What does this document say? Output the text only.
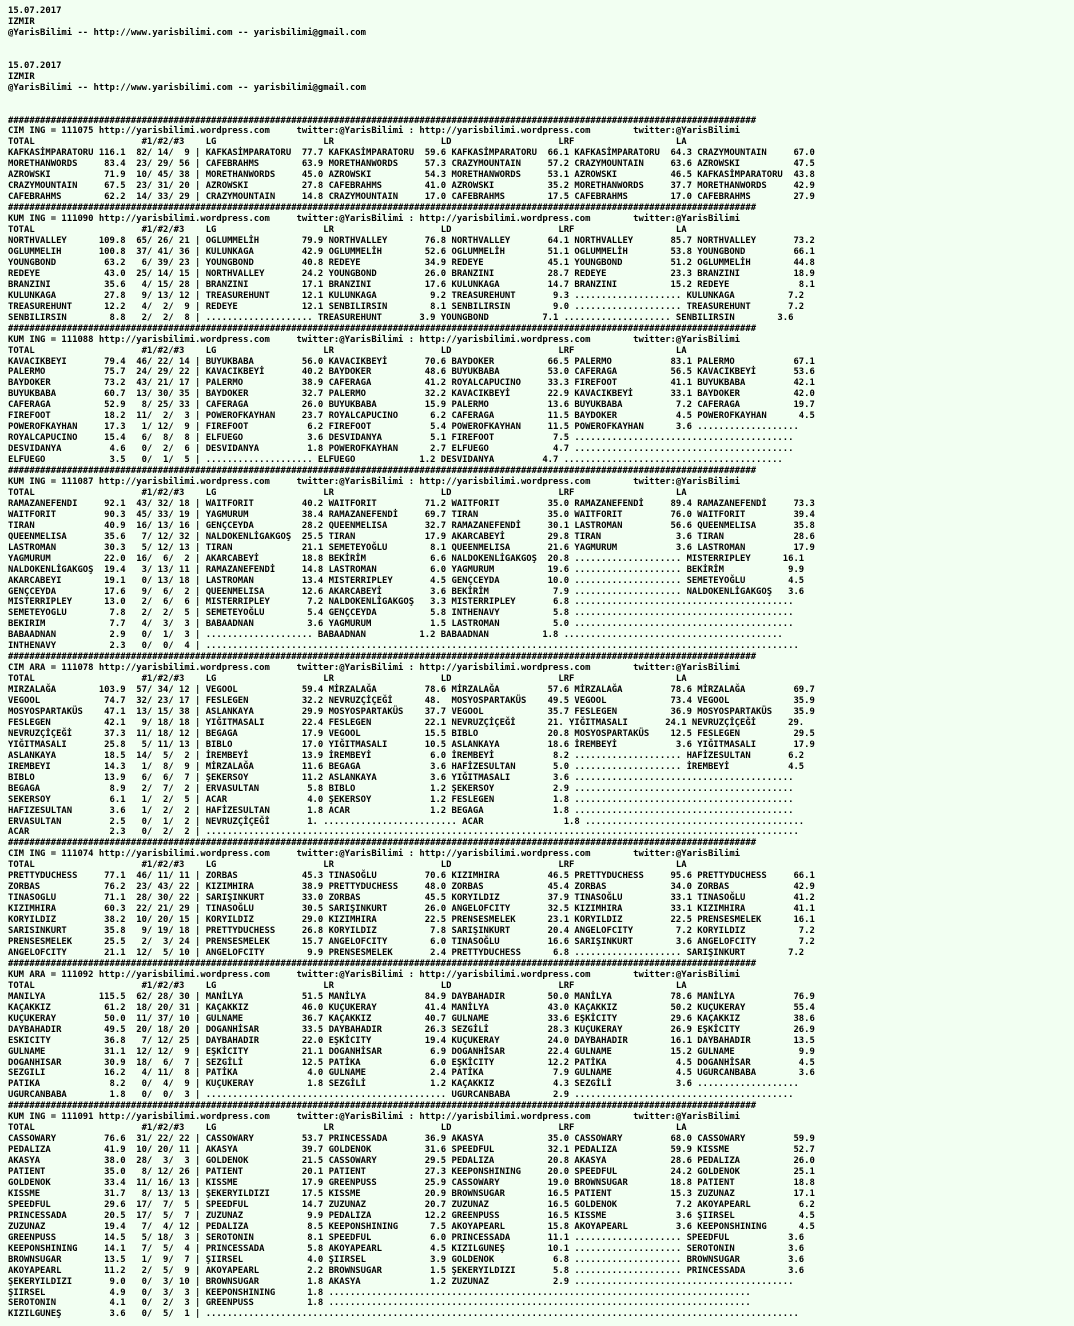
15.07.2017
IZMIR
@YarisBilimi -- http://www.yarisbilimi.com -- yarisbilimi@gmail.com

15.07.2017
IZMIR
@YarisBilimi -- http://www.yarisbilimi.com -- yarisbilimi@gmail.com

############################################################################################################################################
CIM ING = 111075 http://yarisbilimi.wordpress.com     twitter:@YarisBilimi : http://yarisbilimi.wordpress.com        twitter:@YarisBilimi
TOTAL                    #1/#2/#3    LG                    LR                    LD                    LRF                   LA
KAFKASİMPARATORU 116.1  82/ 14/  9 | KAFKASİMPARATORU  77.7 KAFKASİMPARATORU  59.6 KAFKASİMPARATORU  66.1 KAFKASİMPARATORU  64.3 CRAZYMOUNTAIN     67.0
MORETHANWORDS     83.4  23/ 29/ 56 | CAFEBRAHMS        63.9 MORETHANWORDS     57.3 CRAZYMOUNTAIN     57.2 CRAZYMOUNTAIN     63.6 AZROWSKI          47.5
AZROWSKI          71.9  10/ 45/ 38 | MORETHANWORDS     45.0 AZROWSKI          54.3 MORETHANWORDS     53.1 AZROWSKI          46.5 KAFKASİMPARATORU  43.8
CRAZYMOUNTAIN     67.5  23/ 31/ 20 | AZROWSKI          27.8 CAFEBRAHMS        41.0 AZROWSKI          35.2 MORETHANWORDS     37.7 MORETHANWORDS     42.9
CAFEBRAHMS        62.2  14/ 33/ 29 | CRAZYMOUNTAIN     14.8 CRAZYMOUNTAIN     17.0 CAFEBRAHMS        17.5 CAFEBRAHMS        17.0 CAFEBRAHMS        27.9
############################################################################################################################################
KUM ING = 111090 http://yarisbilimi.wordpress.com     twitter:@YarisBilimi : http://yarisbilimi.wordpress.com        twitter:@YarisBilimi
TOTAL                    #1/#2/#3    LG                    LR                    LD                    LRF                   LA
NORTHVALLEY      109.8  65/ 26/ 21 | OGLUMMELİH        79.9 NORTHVALLEY       76.8 NORTHVALLEY       64.1 NORTHVALLEY       85.7 NORTHVALLEY       73.2
OGLUMMELIH       100.8  37/ 41/ 36 | KULUNKAGA         42.9 OGLUMMELİH        52.6 OGLUMMELİH        51.1 OGLUMMELİH        53.8 YOUNGBOND         66.1
YOUNGBOND         63.2   6/ 39/ 23 | YOUNGBOND         40.8 REDEYE            34.9 REDEYE            45.1 YOUNGBOND         51.2 OGLUMMELİH        44.8
REDEYE            43.0  25/ 14/ 15 | NORTHVALLEY       24.2 YOUNGBOND         26.0 BRANZINI          28.7 REDEYE            23.3 BRANZINI          18.9
BRANZINI          35.6   4/ 15/ 28 | BRANZINI          17.1 BRANZINI          17.6 KULUNKAGA         14.7 BRANZINI          15.2 REDEYE             8.1
KULUNKAGA         27.8   9/ 13/ 12 | TREASUREHUNT      12.1 KULUNKAGA          9.2 TREASUREHUNT       9.3 .................... KULUNKAGA          7.2
TREASUREHUNT      12.2   4/  2/  9 | REDEYE            12.1 SENBILIRSIN        8.1 SENBILIRSIN        9.0 .................... TREASUREHUNT       7.2
SENBILIRSIN        8.8   2/  2/  8 | .................... TREASUREHUNT       3.9 YOUNGBOND          7.1 .................... SENBILIRSIN        3.6
############################################################################################################################################
KUM ING = 111088 http://yarisbilimi.wordpress.com     twitter:@YarisBilimi : http://yarisbilimi.wordpress.com        twitter:@YarisBilimi
TOTAL                    #1/#2/#3    LG                    LR                    LD                    LRF                   LA
KAVACIKBEYI       79.4  46/ 22/ 14 | BUYUKBABA         56.0 KAVACIKBEYİ       70.6 BAYDOKER          66.5 PALERMO           83.1 PALERMO           67.1
PALERMO           75.7  24/ 29/ 22 | KAVACIKBEYİ       40.2 BAYDOKER          48.6 BUYUKBABA         53.0 CAFERAGA          56.5 KAVACIKBEYİ       53.6
BAYDOKER          73.2  43/ 21/ 17 | PALERMO           38.9 CAFERAGA          41.2 ROYALCAPUCINO     33.3 FIREFOOT          41.1 BUYUKBABA         42.1
BUYUKBABA         60.7  13/ 30/ 35 | BAYDOKER          32.7 PALERMO           32.2 KAVACIKBEYİ       22.9 KAVACIKBEYİ       33.1 BAYDOKER          42.0
CAFERAGA          52.9   8/ 25/ 33 | CAFERAGA          26.0 BUYUKBABA         15.9 PALERMO           13.6 BUYUKBABA          7.2 CAFERAGA          19.7
FIREFOOT          18.2  11/  2/  3 | POWEROFKAYHAN     23.7 ROYALCAPUCINO      6.2 CAFERAGA          11.5 BAYDOKER           4.5 POWEROFKAYHAN      4.5
POWEROFKAYHAN     17.3   1/ 12/  9 | FIREFOOT           6.2 FIREFOOT           5.4 POWEROFKAYHAN     11.5 POWEROFKAYHAN      3.6 ...................
ROYALCAPUCINO     15.4   6/  8/  8 | ELFUEGO            3.6 DESVIDANYA         5.1 FIREFOOT           7.5 .........................................
DESVIDANYA         4.6   0/  2/  6 | DESVIDANYA         1.8 POWEROFKAYHAN      2.7 ELFUEGO            4.7 .........................................
ELFUEGO            3.5   0/  1/  5 | .................... ELFUEGO            1.2 DESVIDANYA         4.7 .........................................
############################################################################################################################################
KUM ING = 111087 http://yarisbilimi.wordpress.com     twitter:@YarisBilimi : http://yarisbilimi.wordpress.com        twitter:@YarisBilimi
TOTAL                    #1/#2/#3    LG                    LR                    LD                    LRF                   LA
RAMAZANEFENDI     92.1  43/ 32/ 18 | WAITFORIT         40.2 WAITFORIT         71.2 WAITFORIT         35.0 RAMAZANEFENDİ     89.4 RAMAZANEFENDİ     73.3
WAITFORIT         90.3  45/ 33/ 19 | YAGMURUM          38.4 RAMAZANEFENDİ     69.7 TIRAN             35.0 WAITFORIT         76.0 WAITFORIT         39.4
TIRAN             40.9  16/ 13/ 16 | GENÇCEYDA         28.2 QUEENMELISA       32.7 RAMAZANEFENDİ     30.1 LASTROMAN         56.6 QUEENMELISA       35.8
QUEENMELISA       35.6   7/ 12/ 32 | NALDOKENLİGAKGOŞ  25.5 TIRAN             17.9 AKARCABEYİ        29.8 TIRAN              3.6 TIRAN             28.6
LASTROMAN         30.3   5/ 12/ 13 | TIRAN             21.1 SEMETEYOĞLU        8.1 QUEENMELISA       21.6 YAGMURUM           3.6 LASTROMAN         17.9
YAGMURUM          22.0  16/  6/  2 | AKARCABEYİ        18.8 BEKİRİM            6.6 NALDOKENLİGAKGOŞ  20.8 .................... MISTERRIPLEY      16.1
NALDOKENLİGAKGOŞ  19.4   3/ 13/ 11 | RAMAZANEFENDİ     14.8 LASTROMAN          6.0 YAGMURUM          19.6 .................... BEKİRİM            9.9
AKARCABEYI        19.1   0/ 13/ 18 | LASTROMAN         13.4 MISTERRIPLEY       4.5 GENÇCEYDA         10.0 .................... SEMETEYOĞLU        4.5
GENÇCEYDA         17.6   9/  6/  2 | QUEENMELISA       12.6 AKARCABEYİ         3.6 BEKİRİM            7.9 .................... NALDOKENLİGAKGOŞ   3.6
MISTERRIPLEY      13.0   2/  6/  6 | MISTERRIPLEY       7.2 NALDOKENLİGAKGOŞ   3.3 MISTERRIPLEY       6.8 .........................................
SEMETEYOGLU        7.8   2/  2/  5 | SEMETEYOĞLU        5.4 GENÇCEYDA          5.8 INTHENAVY          5.8 .........................................
BEKIRIM            7.7   4/  3/  3 | BABAADNAN          3.6 YAGMURUM           1.5 LASTROMAN          5.0 .........................................
BABAADNAN          2.9   0/  1/  3 | .................... BABAADNAN          1.2 BABAADNAN          1.8 .........................................
INTHENAVY          2.3   0/  0/  4 | ...............................................................................................................
############################################################################################################################################
CIM ARA = 111078 http://yarisbilimi.wordpress.com     twitter:@YarisBilimi : http://yarisbilimi.wordpress.com        twitter:@YarisBilimi
TOTAL                    #1/#2/#3    LG                    LR                    LD                    LRF                   LA
MIRZALAĞA        103.9  57/ 34/ 12 | VEGOOL            59.4 MİRZALAĞA         78.6 MİRZALAĞA         57.6 MİRZALAĞA         78.6 MİRZALAĞA         69.7
VEGOOL            74.7  32/ 23/ 17 | FESLEGEN          32.2 NEVRUZÇİÇEĞİ      48.  MOSYOSPARTAKÜS    49.5 VEGOOL            73.4 VEGOOL            35.9
MOSYOSPARTAKÜS    47.1  13/ 15/ 38 | ASLANKAYA         29.9 MOSYOSPARTAKÜS    37.7 VEGOOL            35.7 FESLEGEN          36.9 MOSYOSPARTAKÜS    35.9
FESLEGEN          42.1   9/ 18/ 18 | YIĞITMASALI       22.4 FESLEGEN          22.1 NEVRUZÇİÇEĞİ      21. YIĞITMASALI       24.1 NEVRUZÇİÇEĞİ      29.
NEVRUZÇİÇEĞİ      37.3  11/ 18/ 12 | BEGAGA            17.9 VEGOOL            15.5 BIBLO             20.8 MOSYOSPARTAKÜS    12.5 FESLEGEN          29.5
YIĞITMASALI       25.8   5/ 11/ 13 | BIBLO             17.0 YIĞITMASALI       10.5 ASLANKAYA         18.6 İREMBEYİ           3.6 YIĞITMASALI       17.9
ASLANKAYA         18.5  14/  5/  2 | İREMBEYİ          13.9 İREMBEYİ           6.0 İREMBEYİ           8.2 .................... HAFİZESULTAN       6.2
IREMBEYI          14.3   1/  8/  9 | MİRZALAĞA         11.6 BEGAGA             3.6 HAFİZESULTAN       5.0 .................... İREMBEYİ           4.5
BIBLO             13.9   6/  6/  7 | ŞEKERSOY          11.2 ASLANKAYA          3.6 YIĞITMASALI        3.6 .........................................
BEGAGA             8.9   2/  7/  2 | ERVASULTAN         5.8 BIBLO              1.2 ŞEKERSOY           2.9 .........................................
SEKERSOY           6.1   1/  2/  5 | ACAR               4.0 ŞEKERSOY           1.2 FESLEGEN           1.8 .........................................
HAFIZESULTAN       3.6   1/  2/  2 | HAFİZESULTAN       1.8 ACAR               1.2 BEGAGA             1.8 .........................................
ERVASULTAN         2.5   0/  1/  2 | NEVRUZÇİÇEĞİ       1. ......................... ACAR               1.8 .........................................
ACAR               2.3   0/  2/  2 | ...............................................................................................................
############################################################################################################################################
CIM ING = 111074 http://yarisbilimi.wordpress.com     twitter:@YarisBilimi : http://yarisbilimi.wordpress.com        twitter:@YarisBilimi
TOTAL                    #1/#2/#3    LG                    LR                    LD                    LRF                   LA
PRETTYDUCHESS     77.1  46/ 11/ 11 | ZORBAS            45.3 TINASOĞLU         70.6 KIZIMHIRA         46.5 PRETTYDUCHESS     95.6 PRETTYDUCHESS     66.1
ZORBAS            76.2  23/ 43/ 22 | KIZIMHIRA         38.9 PRETTYDUCHESS     48.0 ZORBAS            45.4 ZORBAS            34.0 ZORBAS            42.9
TINASOGLU         71.1  28/ 30/ 22 | SARIŞINKURT       33.0 ZORBAS            45.5 KORYILDIZ         37.9 TINASOĞLU         33.1 TINASOĞLU         41.2
KIZIMHIRA         60.3  22/ 21/ 29 | TINASOĞLU         30.5 SARIŞINKURT       26.0 ANGELOFCITY       32.5 KIZIMHIRA         33.1 KIZIMHIRA         41.1
KORYILDIZ         38.2  10/ 20/ 15 | KORYILDIZ         29.0 KIZIMHIRA         22.5 PRENSESMELEK      23.1 KORYILDIZ         22.5 PRENSESMELEK      16.1
SARISINKURT       35.8   9/ 19/ 18 | PRETTYDUCHESS     26.8 KORYILDIZ          7.8 SARIŞINKURT       20.4 ANGELOFCITY        7.2 KORYILDIZ          7.2
PRENSESMELEK      25.5   2/  3/ 24 | PRENSESMELEK      15.7 ANGELOFCITY        6.0 TINASOĞLU         16.6 SARIŞINKURT        3.6 ANGELOFCITY        7.2
ANGELOFCITY       21.1  12/  5/ 10 | ANGELOFCITY        9.9 PRENSESMELEK       2.4 PRETTYDUCHESS      6.8 .................... SARIŞINKURT        7.2
############################################################################################################################################
KUM ARA = 111092 http://yarisbilimi.wordpress.com     twitter:@YarisBilimi : http://yarisbilimi.wordpress.com        twitter:@YarisBilimi
TOTAL                    #1/#2/#3    LG                    LR                    LD                    LRF                   LA
MANILYA          115.5  62/ 28/ 30 | MANİLYA           51.5 MANİLYA           84.9 DAYBAHADIR        50.0 MANİLYA           78.6 MANİLYA           76.9
KAÇAKKIZ          61.2  18/ 20/ 31 | KAÇAKKIZ          46.0 KUÇUKERAY         41.4 MANİLYA           43.0 KAÇAKKIZ          50.2 KUÇUKERAY         55.4
KUÇUKERAY         50.0  11/ 37/ 10 | GULNAME           36.7 KAÇAKKIZ          40.7 GULNAME           33.6 EŞKİCITY          29.6 KAÇAKKIZ          38.6
DAYBAHADIR        49.5  20/ 18/ 20 | DOGANHİSAR        33.5 DAYBAHADIR        26.3 SEZGİLİ           28.3 KUÇUKERAY         26.9 EŞKİCITY          26.9
ESKICITY          36.8   7/ 12/ 25 | DAYBAHADIR        22.0 EŞKİCITY          19.4 KUÇUKERAY         24.0 DAYBAHADIR        16.1 DAYBAHADIR        13.5
GULNAME           31.1  12/ 12/  9 | EŞKİCITY          21.1 DOGANHİSAR         6.9 DOGANHİSAR        22.4 GULNAME           15.2 GULNAME            9.9
DOGANHISAR        30.9  18/  6/  7 | SEZGİLİ           12.5 PATİKA             6.0 EŞKİCITY          12.2 PATİKA             4.5 DOGANHİSAR         4.5
SEZGILI           16.2   4/ 11/  8 | PATİKA             4.0 GULNAME            2.4 PATİKA             7.9 GULNAME            4.5 UGURCANBABA        3.6
PATIKA             8.2   0/  4/  9 | KUÇUKERAY          1.8 SEZGİLİ            1.2 KAÇAKKIZ           4.3 SEZGİLİ            3.6 ...................
UGURCANBABA        1.8   0/  0/  3 | ............................................. UGURCANBABA        2.9 .........................................
############################################################################################################################################
KUM ING = 111091 http://yarisbilimi.wordpress.com     twitter:@YarisBilimi : http://yarisbilimi.wordpress.com        twitter:@YarisBilimi
TOTAL                    #1/#2/#3    LG                    LR                    LD                    LRF                   LA
CASSOWARY         76.6  31/ 22/ 22 | CASSOWARY         53.7 PRINCESSADA       36.9 AKASYA            35.0 CASSOWARY         68.0 CASSOWARY         59.9
PEDALIZA          41.9  10/ 20/ 11 | AKASYA            39.7 GOLDENOK          31.6 SPEEDFUL          32.1 PEDALIZA          59.9 KISSME            52.7
AKASYA            38.0  28/  3/  3 | GOLDENOK          21.5 CASSOWARY         29.5 PEDALIZA          20.8 AKASYA            28.6 PEDALIZA          26.0
PATIENT           35.0   8/ 12/ 26 | PATIENT           20.1 PATIENT           27.3 KEEPONSHINING     20.0 SPEEDFUL          24.2 GOLDENOK          25.1
GOLDENOK          33.4  11/ 16/ 13 | KISSME            17.9 GREENPUSS         25.9 CASSOWARY         19.0 BROWNSUGAR        18.8 PATIENT           18.8
KISSME            31.7   8/ 13/ 13 | ŞEKERYILDIZI      17.5 KISSME            20.9 BROWNSUGAR        16.5 PATIENT           15.3 ZUZUNAZ           17.1
SPEEDFUL          29.6  17/  7/  5 | SPEEDFUL          14.7 ZUZUNAZ           20.7 ZUZUNAZ           16.5 GOLDENOK           7.2 AKOYAPEARL         6.2
PRINCESSADA       20.5  17/  5/  7 | ZUZUNAZ            9.9 PEDALIZA          12.2 GREENPUSS         16.5 KISSME             3.6 ŞIIRSEL            4.5
ZUZUNAZ           19.4   7/  4/ 12 | PEDALIZA           8.5 KEEPONSHINING      7.5 AKOYAPEARL        15.8 AKOYAPEARL         3.6 KEEPONSHINING      4.5
GREENPUSS         14.5   5/ 18/  3 | SEROTONIN          8.1 SPEEDFUL           6.0 PRINCESSADA       11.1 .................... SPEEDFUL           3.6
KEEPONSHINING     14.1   7/  5/  4 | PRINCESSADA        5.8 AKOYAPEARL         4.5 KIZILGUNEŞ        10.1 .................... SEROTONIN          3.6
BROWNSUGAR        13.5   1/  9/  7 | ŞIIRSEL            4.0 ŞIIRSEL            3.9 GOLDENOK           6.8 .................... BROWNSUGAR         3.6
AKOYAPEARL        11.2   2/  5/  9 | AKOYAPEARL         2.2 BROWNSUGAR         1.5 ŞEKERYILDIZI       5.8 .................... PRINCESSADA        3.6
ŞEKERYILDIZI       9.0   0/  3/ 10 | BROWNSUGAR         1.8 AKASYA             1.2 ZUZUNAZ            2.9 .........................................
ŞIIRSEL            4.9   0/  3/  3 | KEEPONSHINING      1.8 ...............................................................................
SEROTONIN          4.1   0/  2/  3 | GREENPUSS          1.8 ...............................................................................
KIZILGUNEŞ         3.6   0/  5/  1 | ...............................................................................................................
